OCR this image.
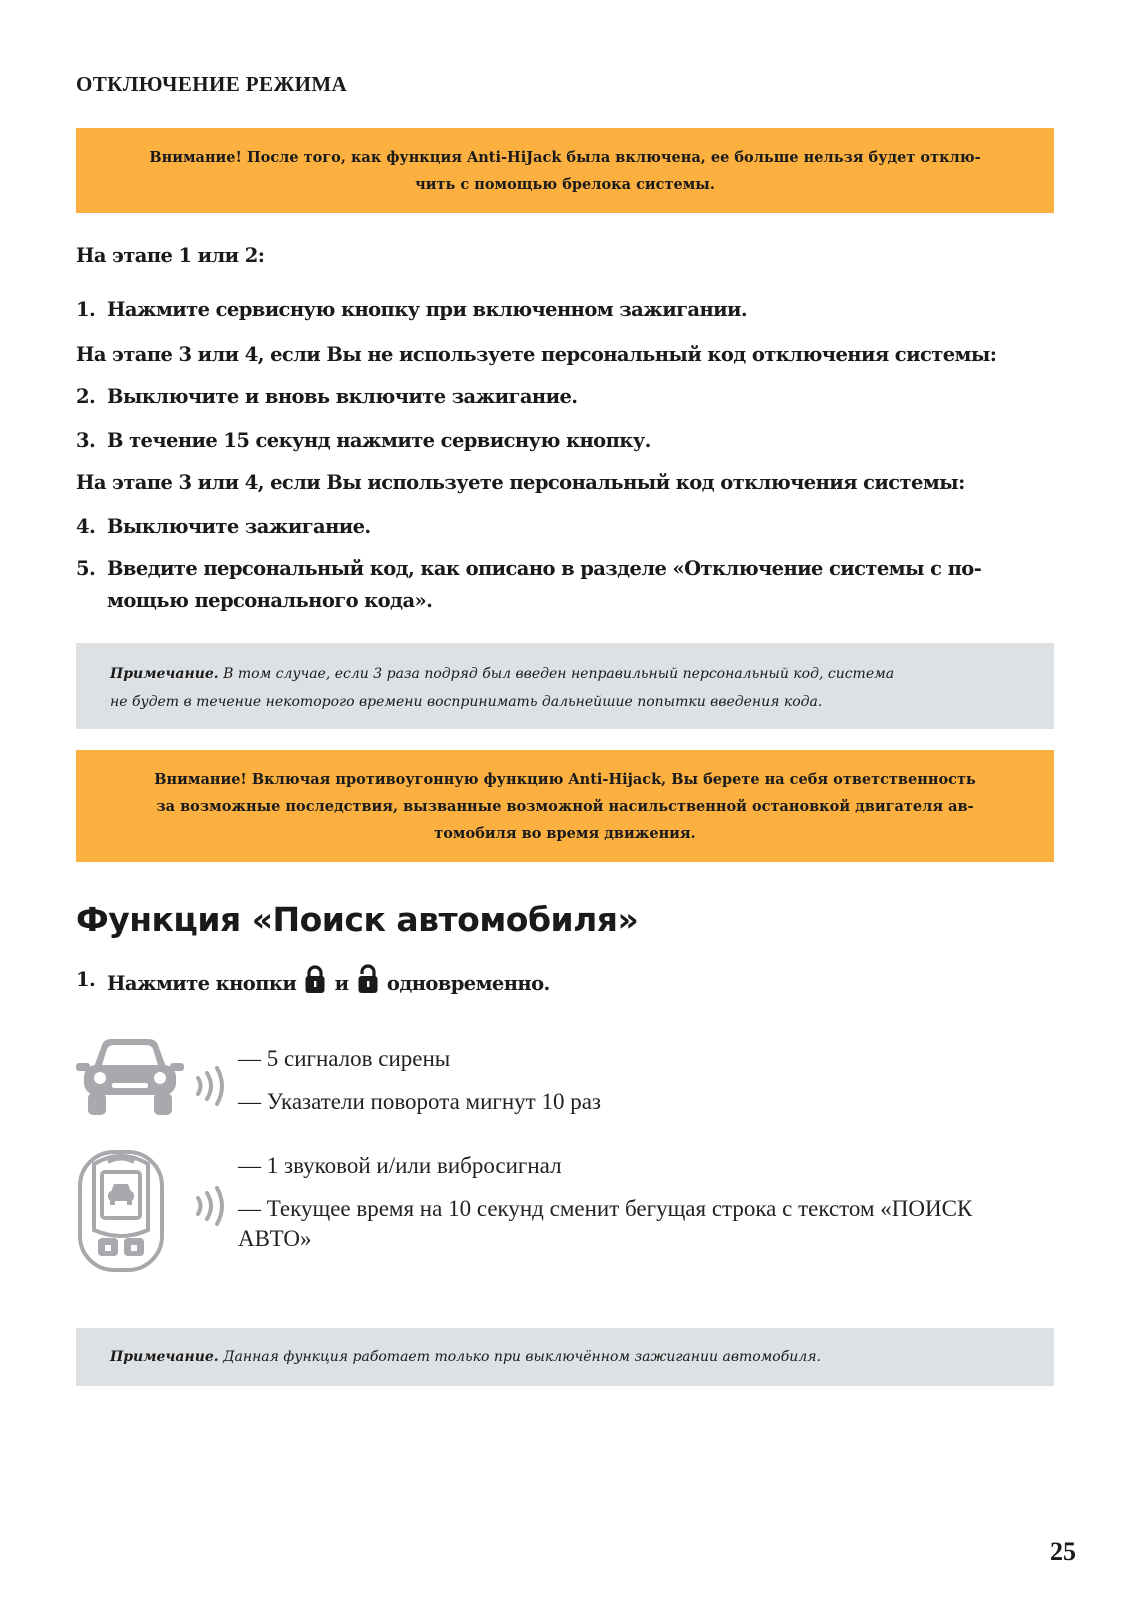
ОТКЛЮЧЕНИЕ РЕЖИМА
Внимание! После того, как функция Anti-HiJack была включена, ее больше нельзя будет отклю-
чить с помощью брелока системы.
На этапе 1 или 2:
1. Нажмите сервисную кнопку при включенном зажигании.
На этапе 3 или 4, если Вы не используете персональный код отключения системы:
2. Выключите и вновь включите зажигание.
3. В течение 15 секунд нажмите сервисную кнопку.
На этапе 3 или 4, если Вы используете персональный код отключения системы:
4. Выключите зажигание.
5. Введите персональный код, как описано в разделе «Отключение системы с по-
мощью персонального кода».
Примечание. В том случае, если 3 раза подряд был введен неправильный персональный код, система
не будет в течение некоторого времени воспринимать дальнейшие попытки введения кода.
Внимание! Включая противоугонную функцию Anti-Hijack, Вы берете на себя ответственность
за возможные последствия, вызванные возможной насильственной остановкой двигателя ав-
томобиля во время движения.
Функция «Поиск автомобиля»
1. Нажмите кнопки и одновременно.
— 5 сигналов сирены
— Указатели поворота мигнут 10 раз
— 1 звуковой и/или вибросигнал
— Текущее время на 10 секунд сменит бегущая строка с текстом «ПОИСК
АВТО»
Примечание. Данная функция работает только при выключённом зажигании автомобиля.
25
